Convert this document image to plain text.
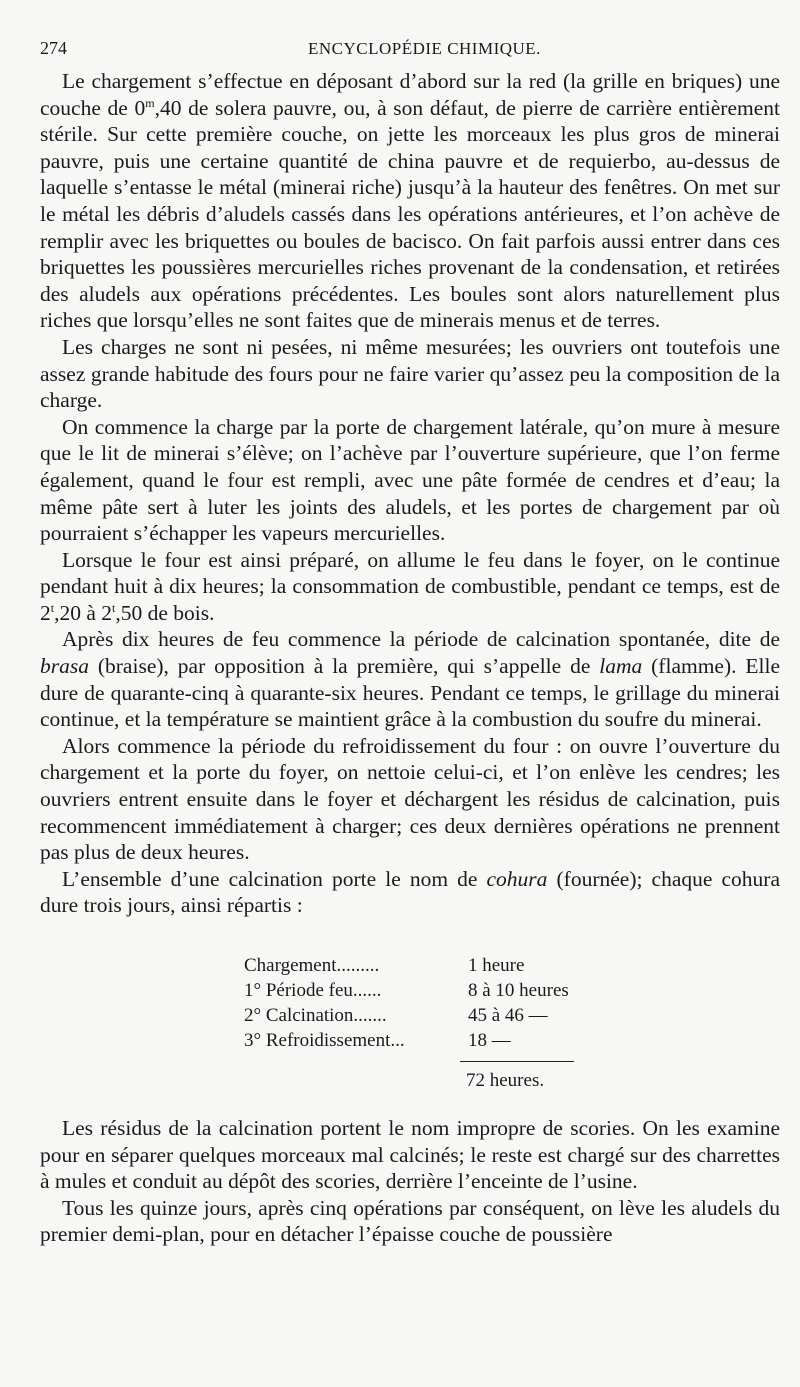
274	ENCYCLOPÉDIE CHIMIQUE.

Le chargement s’effectue en déposant d’abord sur la red (la grille en briques) une couche de 0$^m$,40 de solera pauvre, ou, à son défaut, de pierre de carrière entièrement stérile. Sur cette première couche, on jette les morceaux les plus gros de minerai pauvre, puis une certaine quantité de china pauvre et de requierbo, au-dessus de laquelle s’entasse le métal (minerai riche) jusqu’à la hauteur des fenêtres. On met sur le métal les débris d’aludels cassés dans les opérations antérieures, et l’on achève de remplir avec les briquettes ou boules de bacisco. On fait parfois aussi entrer dans ces briquettes les poussières mercurielles riches provenant de la condensation, et retirées des aludels aux opérations précédentes. Les boules sont alors naturellement plus riches que lorsqu’elles ne sont faites que de minerais menus et de terres.

Les charges ne sont ni pesées, ni même mesurées; les ouvriers ont toutefois une assez grande habitude des fours pour ne faire varier qu’assez peu la composition de la charge.

On commence la charge par la porte de chargement latérale, qu’on mure à mesure que le lit de minerai s’élève; on l’achève par l’ouverture supérieure, que l’on ferme également, quand le four est rempli, avec une pâte formée de cendres et d’eau; la même pâte sert à luter les joints des aludels, et les portes de chargement par où pourraient s’échapper les vapeurs mercurielles.

Lorsque le four est ainsi préparé, on allume le feu dans le foyer, on le continue pendant huit à dix heures; la consommation de combustible, pendant ce temps, est de 2$^t$,20 à 2$^t$,50 de bois.

Après dix heures de feu commence la période de calcination spontanée, dite de brasa (braise), par opposition à la première, qui s’appelle de lama (flamme). Elle dure de quarante-cinq à quarante-six heures. Pendant ce temps, le grillage du minerai continue, et la température se maintient grâce à la combustion du soufre du minerai.

Alors commence la période du refroidissement du four : on ouvre l’ouverture du chargement et la porte du foyer, on nettoie celui-ci, et l’on enlève les cendres; les ouvriers entrent ensuite dans le foyer et déchargent les résidus de calcination, puis recommencent immédiatement à charger; ces deux dernières opérations ne prennent pas plus de deux heures.

L’ensemble d’une calcination porte le nom de cohura (fournée); chaque cohura dure trois jours, ainsi répartis :

Chargement.........	1 heure
1° Période feu......	8 à 10 heures
2° Calcination.......	45 à 46 —
3° Refroidissement...	18 —
72 heures.

Les résidus de la calcination portent le nom impropre de scories. On les examine pour en séparer quelques morceaux mal calcinés; le reste est chargé sur des charrettes à mules et conduit au dépôt des scories, derrière l’enceinte de l’usine.

Tous les quinze jours, après cinq opérations par conséquent, on lève les aludels du premier demi-plan, pour en détacher l’épaisse couche de poussière
